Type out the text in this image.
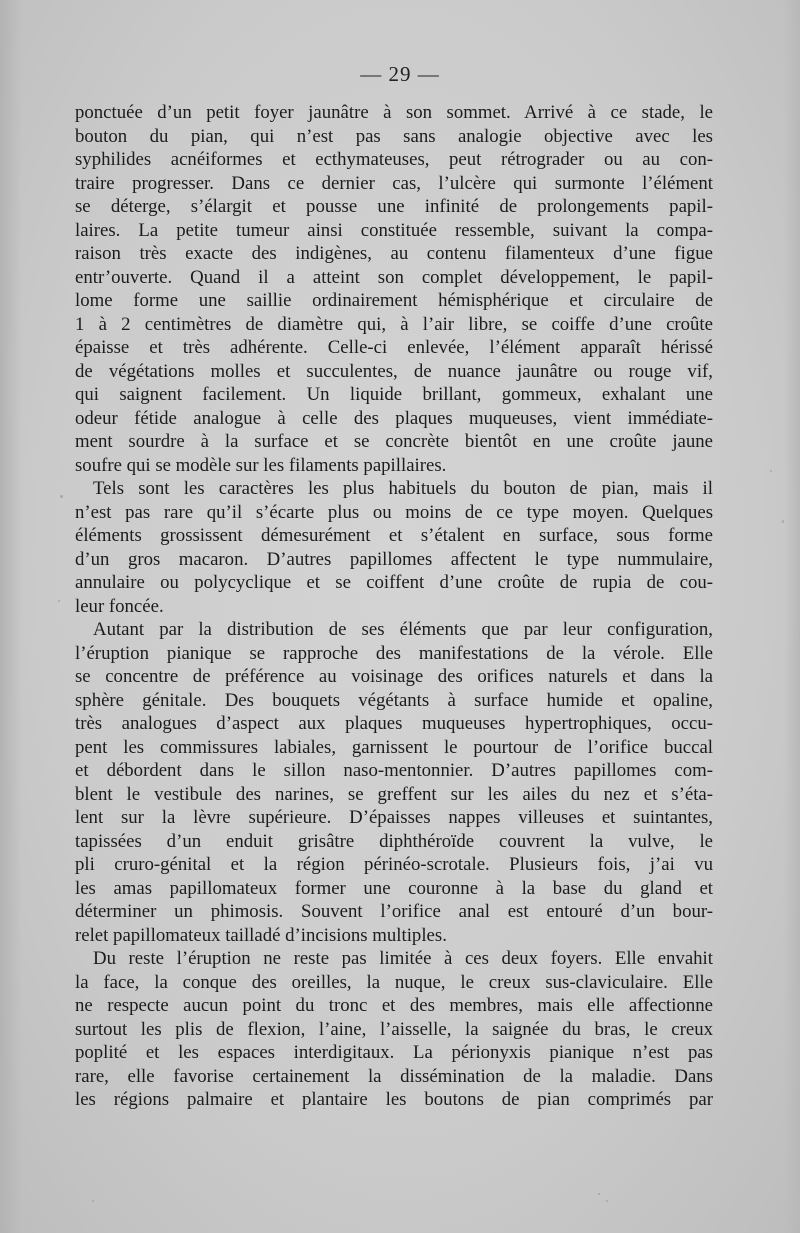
— 29 —

ponctuée d’un petit foyer jaunâtre à son sommet. Arrivé à ce stade, le

bouton du pian, qui n’est pas sans analogie objective avec les

syphilides acnéiformes et ecthymateuses, peut rétrograder ou au con-

traire progresser. Dans ce dernier cas, l’ulcère qui surmonte l’élément

se déterge, s’élargit et pousse une infinité de prolongements papil-

laires. La petite tumeur ainsi constituée ressemble, suivant la compa-

raison très exacte des indigènes, au contenu filamenteux d’une figue

entr’ouverte. Quand il a atteint son complet développement, le papil-

lome forme une saillie ordinairement hémisphérique et circulaire de

1 à 2 centimètres de diamètre qui, à l’air libre, se coiffe d’une croûte

épaisse et très adhérente. Celle-ci enlevée, l’élément apparaît hérissé

de végétations molles et succulentes, de nuance jaunâtre ou rouge vif,

qui saignent facilement. Un liquide brillant, gommeux, exhalant une

odeur fétide analogue à celle des plaques muqueuses, vient immédiate-

ment sourdre à la surface et se concrète bientôt en une croûte jaune

soufre qui se modèle sur les filaments papillaires.

Tels sont les caractères les plus habituels du bouton de pian, mais il

n’est pas rare qu’il s’écarte plus ou moins de ce type moyen. Quelques

éléments grossissent démesurément et s’étalent en surface, sous forme

d’un gros macaron. D’autres papillomes affectent le type nummulaire,

annulaire ou polycyclique et se coiffent d’une croûte de rupia de cou-

leur foncée.

Autant par la distribution de ses éléments que par leur configuration,

l’éruption pianique se rapproche des manifestations de la vérole. Elle

se concentre de préférence au voisinage des orifices naturels et dans la

sphère génitale. Des bouquets végétants à surface humide et opaline,

très analogues d’aspect aux plaques muqueuses hypertrophiques, occu-

pent les commissures labiales, garnissent le pourtour de l’orifice buccal

et débordent dans le sillon naso-mentonnier. D’autres papillomes com-

blent le vestibule des narines, se greffent sur les ailes du nez et s’éta-

lent sur la lèvre supérieure. D’épaisses nappes villeuses et suintantes,

tapissées d’un enduit grisâtre diphthéroïde couvrent la vulve, le

pli cruro-génital et la région périnéo-scrotale. Plusieurs fois, j’ai vu

les amas papillomateux former une couronne à la base du gland et

déterminer un phimosis. Souvent l’orifice anal est entouré d’un bour-

relet papillomateux tailladé d’incisions multiples.

Du reste l’éruption ne reste pas limitée à ces deux foyers. Elle envahit

la face, la conque des oreilles, la nuque, le creux sus-claviculaire. Elle

ne respecte aucun point du tronc et des membres, mais elle affectionne

surtout les plis de flexion, l’aine, l’aisselle, la saignée du bras, le creux

poplité et les espaces interdigitaux. La périonyxis pianique n’est pas

rare, elle favorise certainement la dissémination de la maladie. Dans

les régions palmaire et plantaire les boutons de pian comprimés par
